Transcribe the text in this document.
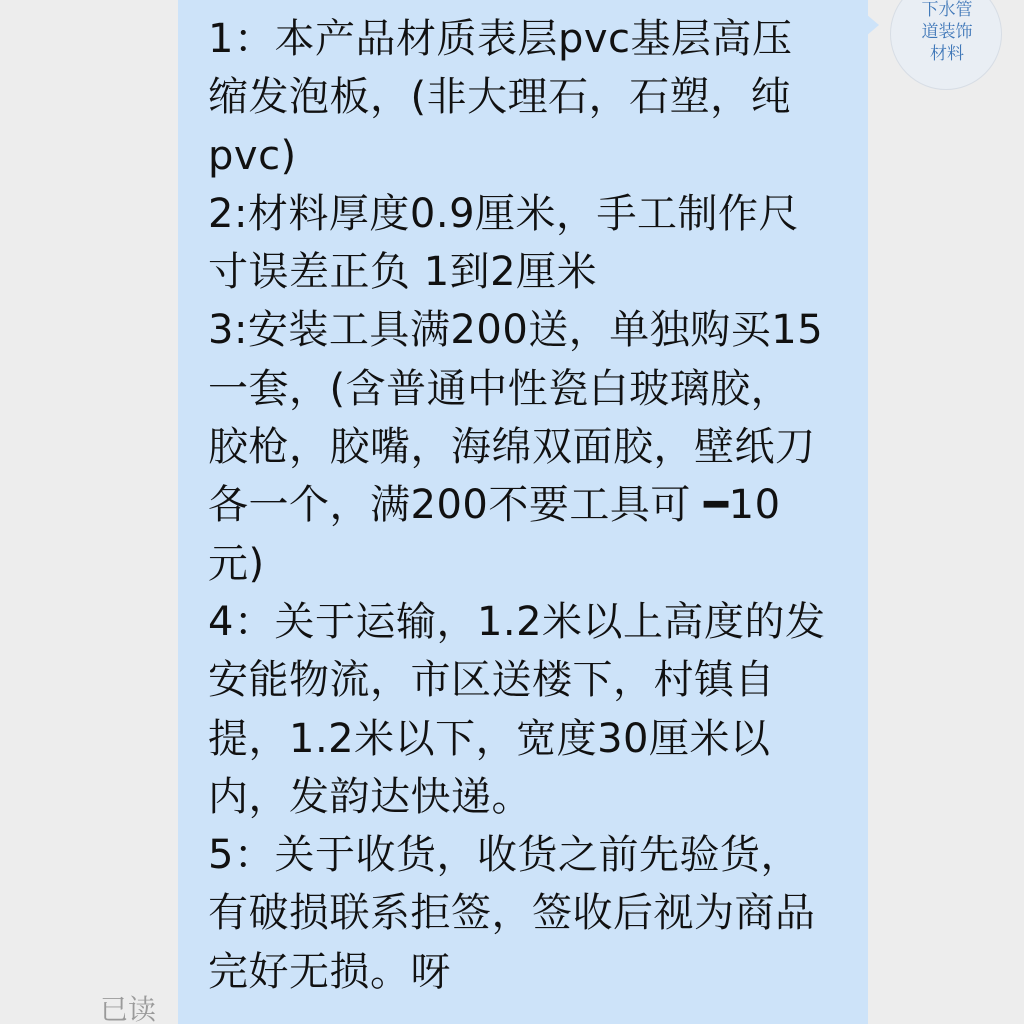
1：本产品材质表层pvc基层高压
缩发泡板，(非大理石，石塑，纯
pvc)
2:材料厚度0.9厘米，手工制作尺
寸误差正负 1到2厘米
3:安装工具满200送，单独购买15
一套，(含普通中性瓷白玻璃胶，
胶枪，胶嘴，海绵双面胶，壁纸刀
各一个，满200不要工具可 ━10
元)
4：关于运输，1.2米以上高度的发
安能物流，市区送楼下，村镇自
提，1.2米以下，宽度30厘米以
内，发韵达快递。
5：关于收货，收货之前先验货，
有破损联系拒签，签收后视为商品
完好无损。呀
下水管
道装饰
材料
已读
